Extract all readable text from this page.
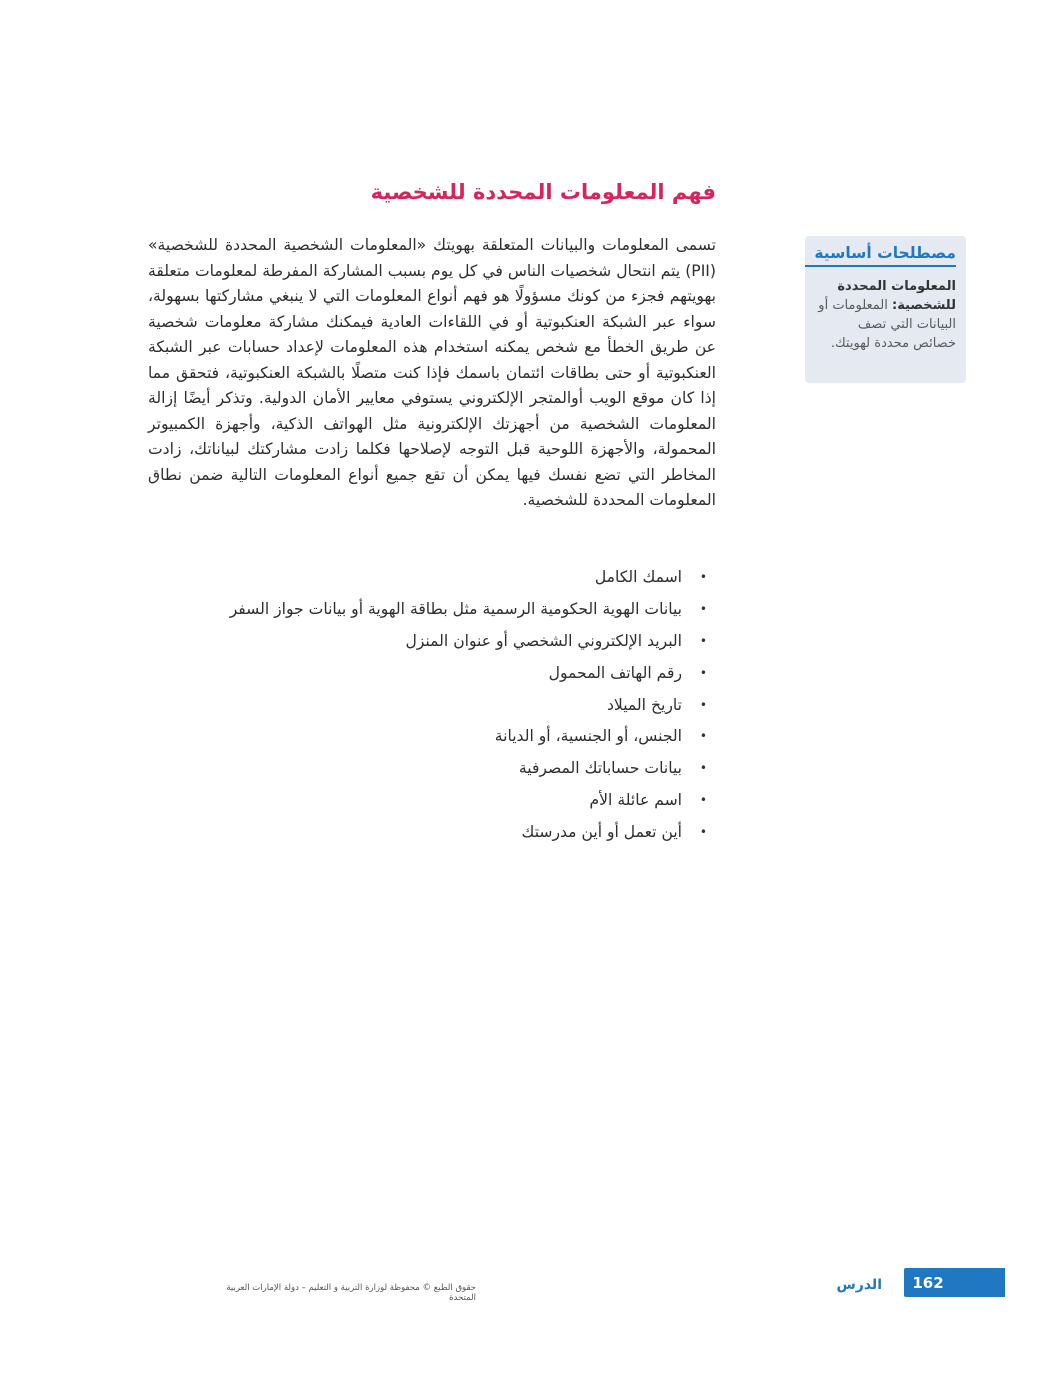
فهم المعلومات المحددة للشخصية

تسمى المعلومات والبيانات المتعلقة بهويتك «المعلومات الشخصية المحددة للشخصية» (PII) يتم انتحال شخصيات الناس في كل يوم بسبب المشاركة المفرطة لمعلومات متعلقة بهويتهم فجزء من كونك مسؤولًا هو فهم أنواع المعلومات التي لا ينبغي مشاركتها بسهولة، سواء عبر الشبكة العنكبوتية أو في اللقاءات العادية فيمكنك مشاركة معلومات شخصية عن طريق الخطأ مع شخص يمكنه استخدام هذه المعلومات لإعداد حسابات عبر الشبكة العنكبوتية أو حتى بطاقات ائتمان باسمك فإذا كنت متصلًا بالشبكة العنكبوتية، فتحقق مما إذا كان موقع الويب أوالمتجر الإلكتروني يستوفي معايير الأمان الدولية. وتذكر أيضًا إزالة المعلومات الشخصية من أجهزتك الإلكترونية مثل الهواتف الذكية، وأجهزة الكمبيوتر المحمولة، والأجهزة اللوحية قبل التوجه لإصلاحها فكلما زادت مشاركتك لبياناتك، زادت المخاطر التي تضع نفسك فيها يمكن أن تقع جميع أنواع المعلومات التالية ضمن نطاق المعلومات المحددة للشخصية.

•
اسمك الكامل
•
بيانات الهوية الحكومية الرسمية مثل بطاقة الهوية أو بيانات جواز السفر
•
البريد الإلكتروني الشخصي أو عنوان المنزل
•
رقم الهاتف المحمول
•
تاريخ الميلاد
•
الجنس، أو الجنسية، أو الديانة
•
بيانات حساباتك المصرفية
•
اسم عائلة الأم
•
أين تعمل أو أين مدرستك
مصطلحات أساسية
المعلومات المحددة للشخصية: المعلومات أو البيانات التي تصف خصائص محددة لهويتك.
162
الدرس
حقوق الطبع © محفوظة لوزارة التربية و التعليم – دولة الإمارات العربية المتحدة
